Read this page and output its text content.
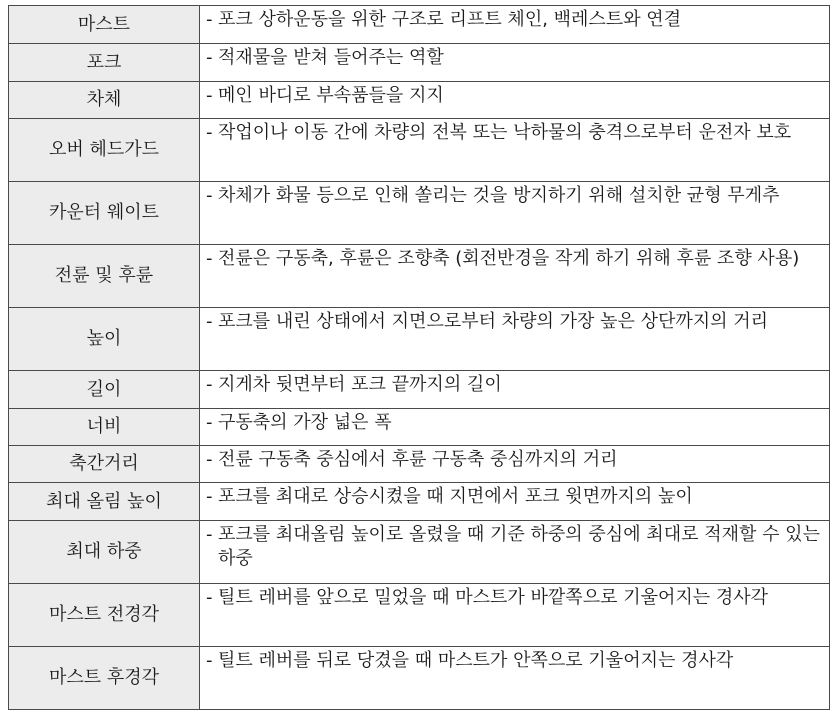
마스트	- 포크 상하운동을 위한 구조로 리프트 체인, 백레스트와 연결

포크	- 적재물을 받쳐 들어주는 역할

차체	- 메인 바디로 부속품들을 지지

오버 헤드가드	- 작업이나 이동 간에 차량의 전복 또는 낙하물의 충격으로부터 운전자 보호

카운터 웨이트	- 차체가 화물 등으로 인해 쏠리는 것을 방지하기 위해 설치한 균형 무게추

전륜 및 후륜	- 전륜은 구동축, 후륜은 조향축 (회전반경을 작게 하기 위해 후륜 조향 사용)

높이	- 포크를 내린 상태에서 지면으로부터 차량의 가장 높은 상단까지의 거리

길이	- 지게차 뒷면부터 포크 끝까지의 길이

너비	- 구동축의 가장 넓은 폭

축간거리	- 전륜 구동축 중심에서 후륜 구동축 중심까지의 거리

최대 올림 높이	- 포크를 최대로 상승시켰을 때 지면에서 포크 윗면까지의 높이

최대 하중	- 포크를 최대올림 높이로 올렸을 때 기준 하중의 중심에 최대로 적재할 수 있는 하중

마스트 전경각	- 틸트 레버를 앞으로 밀었을 때 마스트가 바깥쪽으로 기울어지는 경사각

마스트 후경각	- 틸트 레버를 뒤로 당겼을 때 마스트가 안쪽으로 기울어지는 경사각
